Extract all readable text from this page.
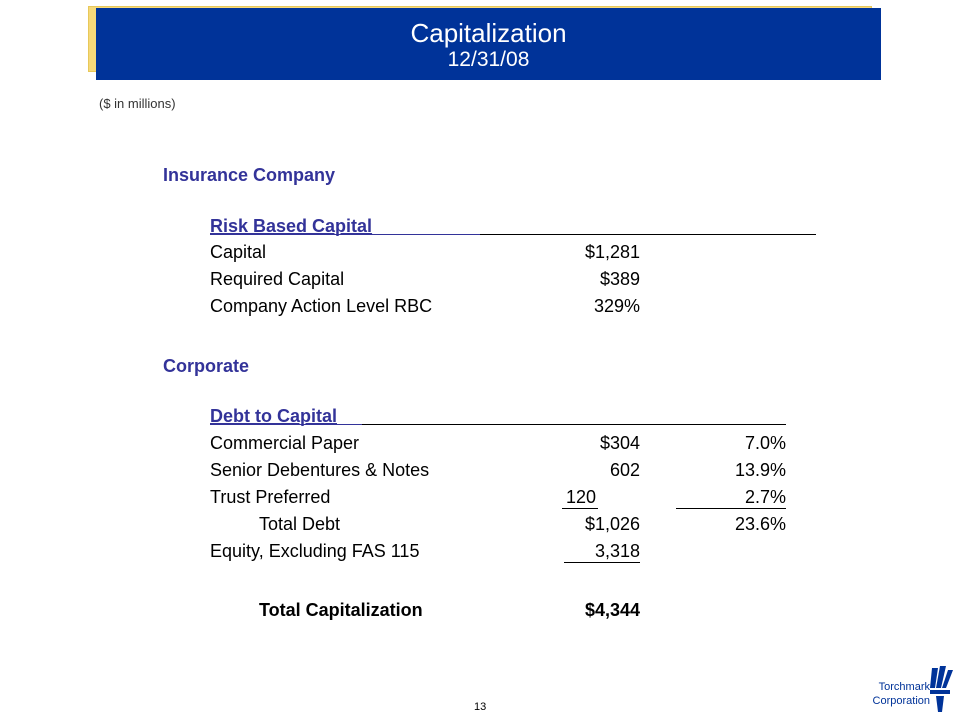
Capitalization
12/31/08
($ in millions)
Insurance Company
Risk Based Capital
Capital	$1,281
Required Capital	$389
Company Action Level RBC	329%
Corporate
Debt to Capital
Commercial Paper	$304	7.0%
Senior Debentures & Notes	602	13.9%
Trust Preferred	120	2.7%
Total Debt	$1,026	23.6%
Equity, Excluding FAS 115	3,318
Total Capitalization	$4,344
13
Torchmark
Corporation
